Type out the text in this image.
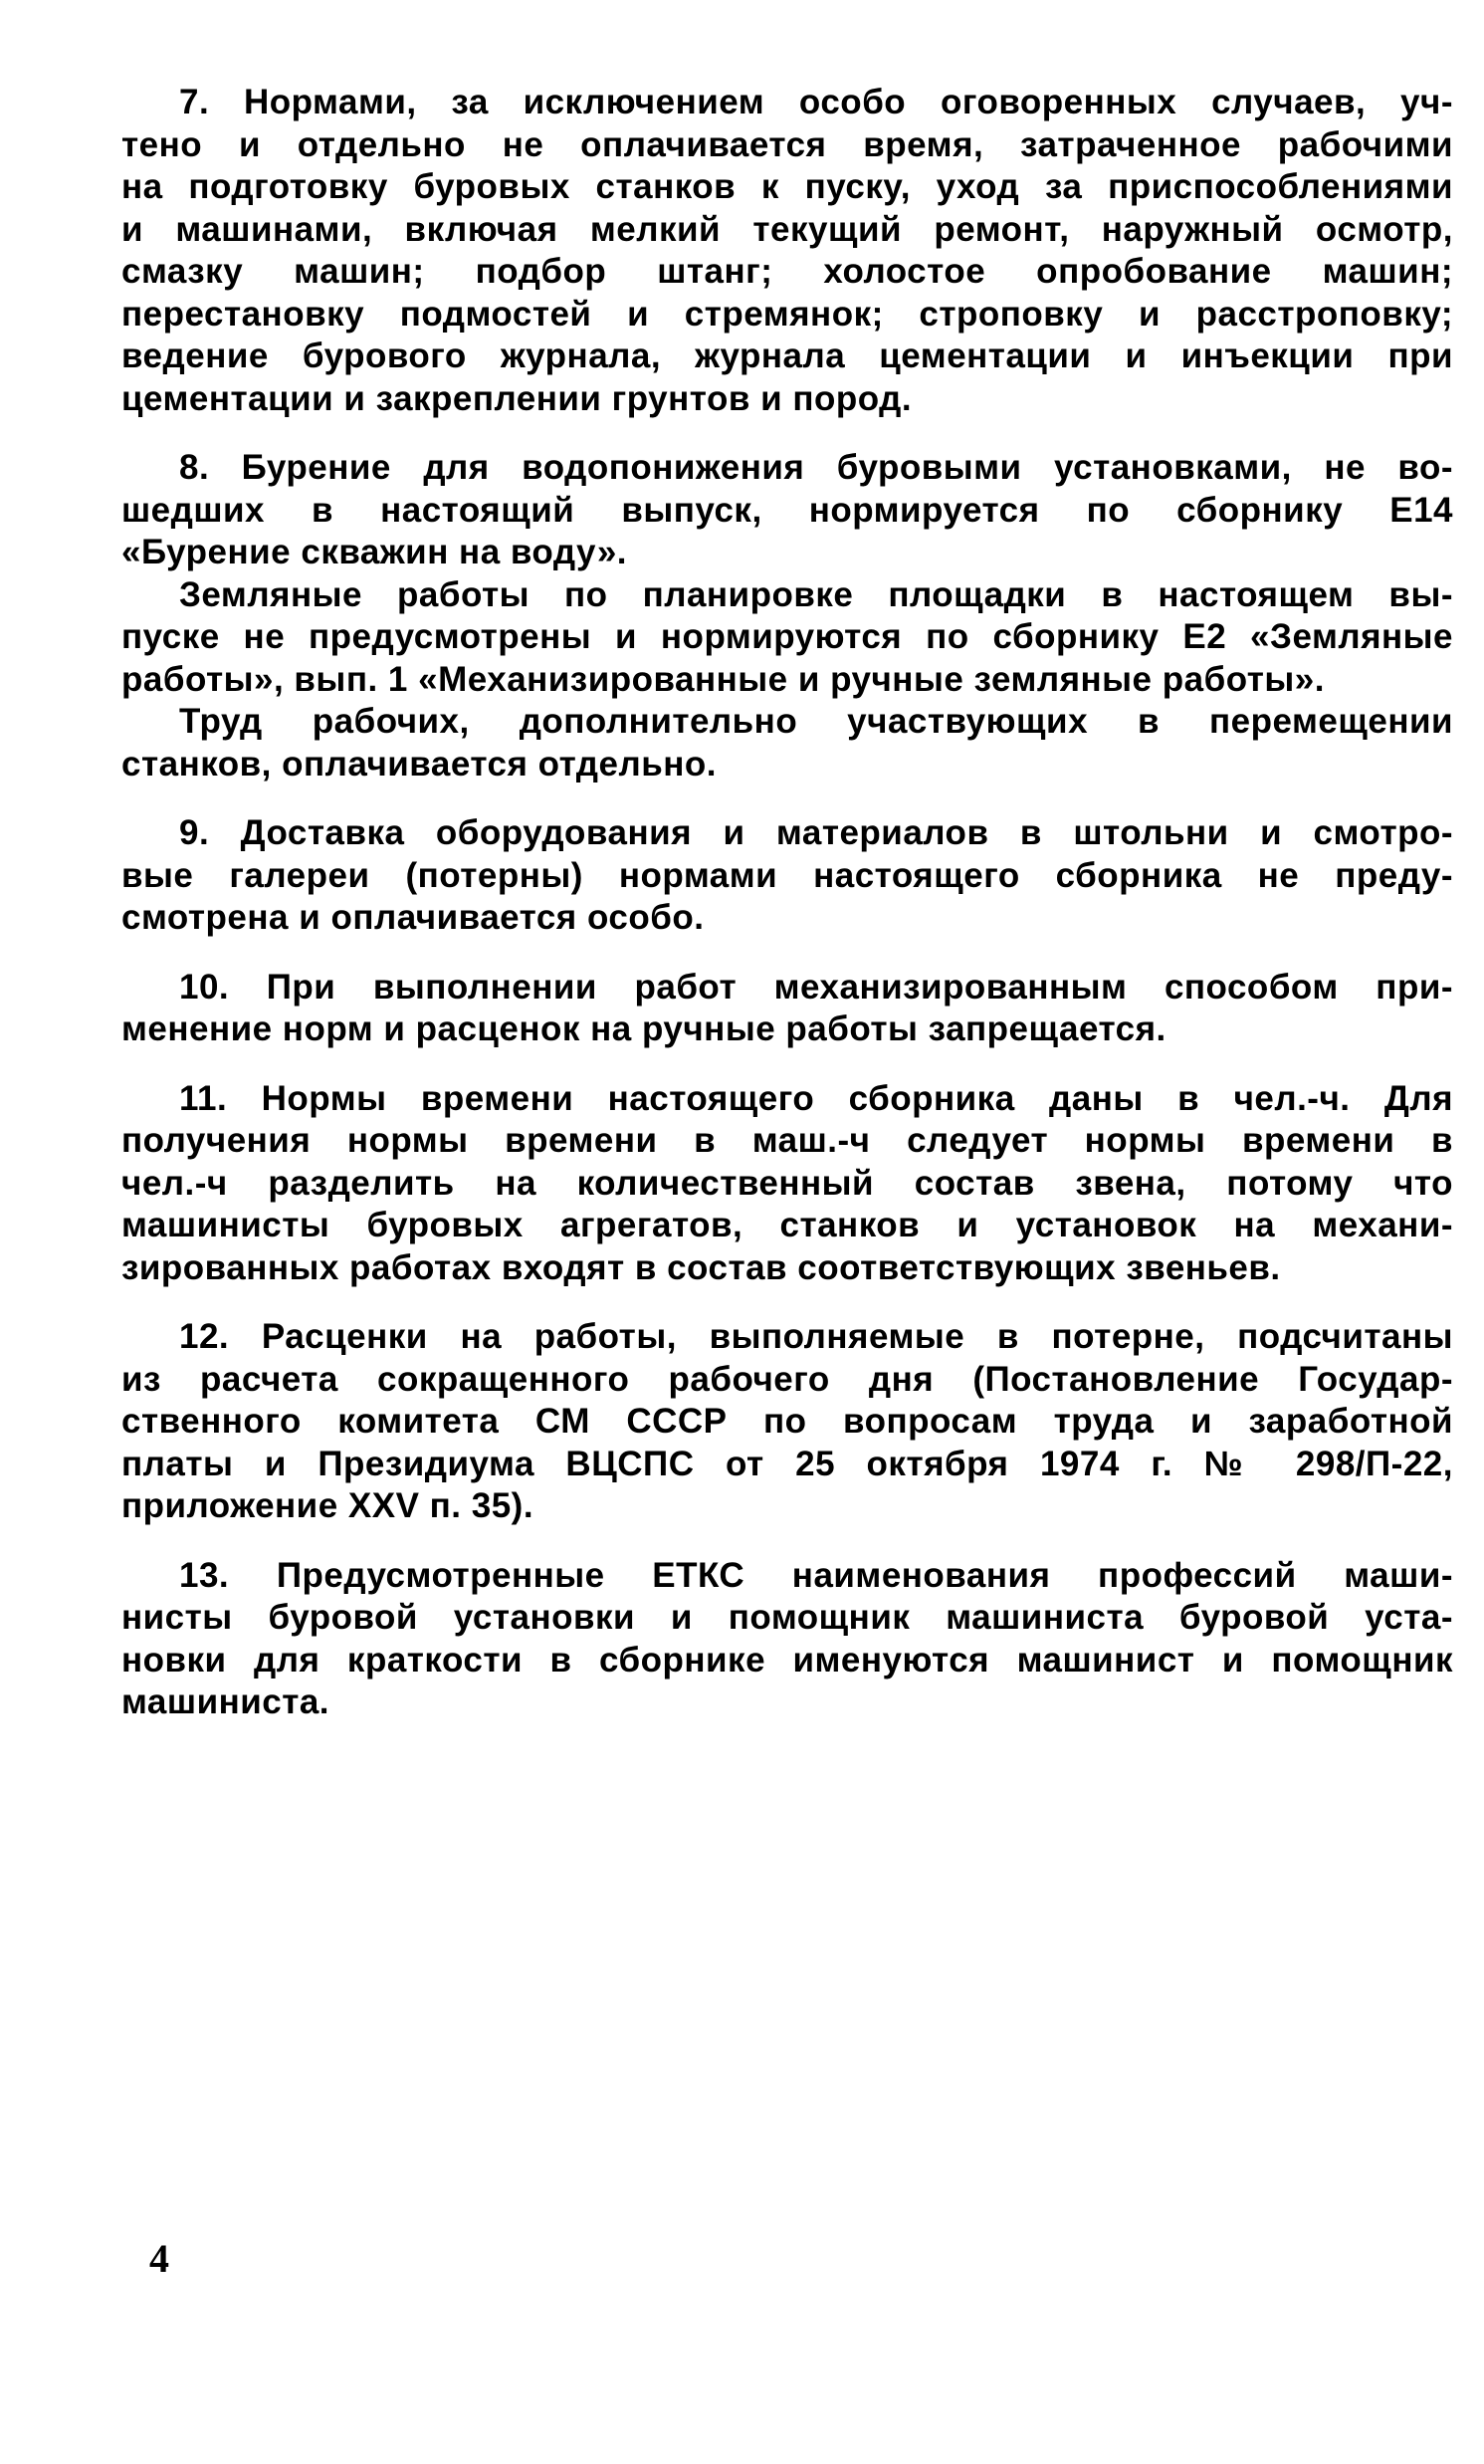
7. Нормами, за исключением особо оговоренных случаев, уч-
тено и отдельно не оплачивается время, затраченное рабочими
на подготовку буровых станков к пуску, уход за приспособлениями
и машинами, включая мелкий текущий ремонт, наружный осмотр,
смазку машин; подбор штанг; холостое опробование машин;
перестановку подмостей и стремянок; строповку и расстроповку;
ведение бурового журнала, журнала цементации и инъекции при
цементации и закреплении грунтов и пород.
8. Бурение для водопонижения буровыми установками, не во-
шедших в настоящий выпуск, нормируется по сборнику Е14
«Бурение скважин на воду».
Земляные работы по планировке площадки в настоящем вы-
пуске не предусмотрены и нормируются по сборнику Е2 «Земляные
работы», вып. 1 «Механизированные и ручные земляные работы».
Труд рабочих, дополнительно участвующих в перемещении
станков, оплачивается отдельно.
9. Доставка оборудования и материалов в штольни и смотро-
вые галереи (потерны) нормами настоящего сборника не преду-
смотрена и оплачивается особо.
10. При выполнении работ механизированным способом при-
менение норм и расценок на ручные работы запрещается.
11. Нормы времени настоящего сборника даны в чел.-ч. Для
получения нормы времени в маш.-ч следует нормы времени в
чел.-ч разделить на количественный состав звена, потому что
машинисты буровых агрегатов, станков и установок на механи-
зированных работах входят в состав соответствующих звеньев.
12. Расценки на работы, выполняемые в потерне, подсчитаны
из расчета сокращенного рабочего дня (Постановление Государ-
ственного комитета СМ СССР по вопросам труда и заработной
платы и Президиума ВЦСПС от 25 октября 1974 г. № 298/П-22,
приложение XXV п. 35).
13. Предусмотренные ЕТКС наименования профессий маши-
нисты буровой установки и помощник машиниста буровой уста-
новки для краткости в сборнике именуются машинист и помощник
машиниста.
4
